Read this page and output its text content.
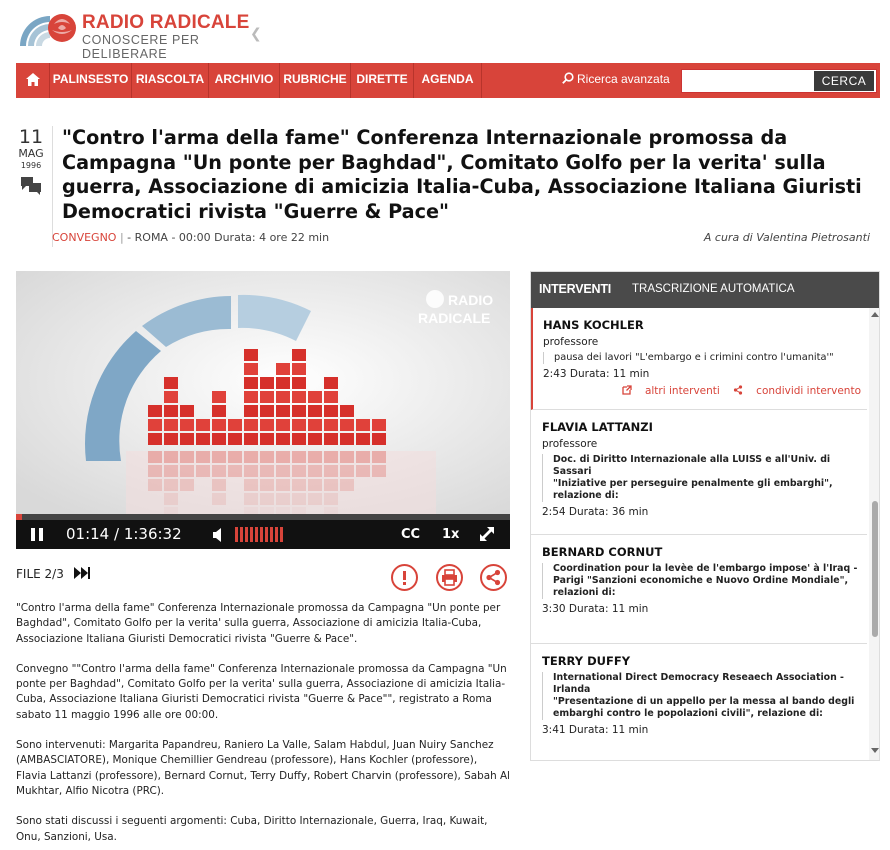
RADIO RADICALE
CONOSCERE PER DELIBERARE
❮
PALINSESTO RIASCOLTA ARCHIVIO RUBRICHE DIRETTE	AGENDA	Ricerca avanzata	CERCA
11
MAG
1996
"Contro l'arma della fame" Conferenza Internazionale promossa da Campagna "Un ponte per Baghdad", Comitato Golfo per la verita' sulla guerra, Associazione di amicizia Italia-Cuba, Associazione Italiana Giuristi Democratici rivista "Guerre & Pace"
CONVEGNO | - ROMA - 00:00 Durata: 4 ore 22 min	A cura di Valentina Pietrosanti
RADIO
RADICALE
01:14 / 1:36:32	CC 1x
FILE 2/3

"Contro l'arma della fame" Conferenza Internazionale promossa da Campagna "Un ponte per Baghdad", Comitato Golfo per la verita' sulla guerra, Associazione di amicizia Italia-Cuba, Associazione Italiana Giuristi Democratici rivista "Guerre & Pace".

Convegno ""Contro l'arma della fame" Conferenza Internazionale promossa da Campagna "Un ponte per Baghdad", Comitato Golfo per la verita' sulla guerra, Associazione di amicizia Italia-Cuba, Associazione Italiana Giuristi Democratici rivista "Guerre & Pace"", registrato a Roma sabato 11 maggio 1996 alle ore 00:00.

Sono intervenuti: Margarita Papandreu, Raniero La Valle, Salam Habdul, Juan Nuiry Sanchez (AMBASCIATORE), Monique Chemillier Gendreau (professore), Hans Kochler (professore), Flavia Lattanzi (professore), Bernard Cornut, Terry Duffy, Robert Charvin (professore), Sabah Al Mukhtar, Alfio Nicotra (PRC).

Sono stati discussi i seguenti argomenti: Cuba, Diritto Internazionale, Guerra, Iraq, Kuwait, Onu, Sanzioni, Usa.

INTERVENTI TRASCRIZIONE AUTOMATICA
HANS KOCHLER
professore
pausa dei lavori "L'embargo e i crimini contro l'umanita'"
2:43 Durata: 11 min
altri interventi	condividi intervento
FLAVIA LATTANZI
professore
Doc. di Diritto Internazionale alla LUISS e all'Univ. di Sassari
"Iniziative per perseguire penalmente gli embarghi",
relazione di:
2:54 Durata: 36 min
BERNARD CORNUT
Coordination pour la levèe de l'embargo impose' à l'Iraq -
Parigi "Sanzioni economiche e Nuovo Ordine Mondiale",
relazioni di:
3:30 Durata: 11 min
TERRY DUFFY
International Direct Democracy Reseaech Association - Irlanda
"Presentazione di un appello per la messa al bando degli
embarghi contro le popolazioni civili", relazione di:
3:41 Durata: 11 min
